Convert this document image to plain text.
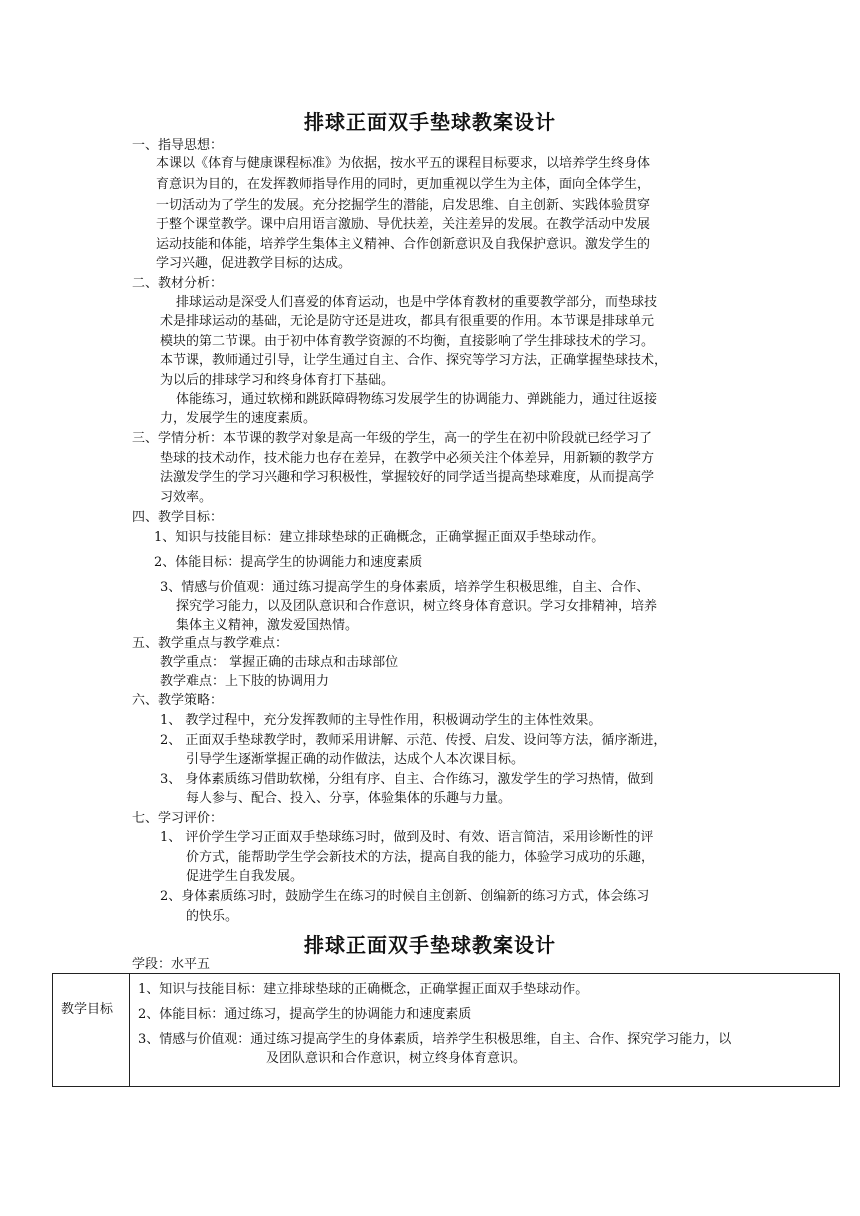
排球正面双手垫球教案设计
一、指导思想：
本课以《体育与健康课程标准》为依据，按水平五的课程目标要求，以培养学生终身体
育意识为目的，在发挥教师指导作用的同时，更加重视以学生为主体，面向全体学生，
一切活动为了学生的发展。充分挖掘学生的潜能，启发思维、自主创新、实践体验贯穿
于整个课堂教学。课中启用语言激励、导优扶差，关注差异的发展。在教学活动中发展
运动技能和体能，培养学生集体主义精神、合作创新意识及自我保护意识。激发学生的
学习兴趣，促进教学目标的达成。
二、教材分析：
排球运动是深受人们喜爱的体育运动，也是中学体育教材的重要教学部分，而垫球技
术是排球运动的基础，无论是防守还是进攻，都具有很重要的作用。本节课是排球单元
模块的第二节课。由于初中体育教学资源的不均衡，直接影响了学生排球技术的学习。
本节课，教师通过引导，让学生通过自主、合作、探究等学习方法，正确掌握垫球技术，
为以后的排球学习和终身体育打下基础。
体能练习，通过软梯和跳跃障碍物练习发展学生的协调能力、弹跳能力，通过往返接
力，发展学生的速度素质。
三、学情分析：本节课的教学对象是高一年级的学生，高一的学生在初中阶段就已经学习了
垫球的技术动作，技术能力也存在差异，在教学中必须关注个体差异，用新颖的教学方
法激发学生的学习兴趣和学习积极性，掌握较好的同学适当提高垫球难度，从而提高学
习效率。
四、教学目标：
1、知识与技能目标：建立排球垫球的正确概念，正确掌握正面双手垫球动作。
2、体能目标：提高学生的协调能力和速度素质
3、情感与价值观：通过练习提高学生的身体素质，培养学生积极思维，自主、合作、
探究学习能力，以及团队意识和合作意识，树立终身体育意识。学习女排精神，培养
集体主义精神，激发爱国热情。
五、教学重点与教学难点：
教学重点： 掌握正确的击球点和击球部位
教学难点：上下肢的协调用力
六、教学策略：
1、 教学过程中，充分发挥教师的主导性作用，积极调动学生的主体性效果。
2、 正面双手垫球教学时，教师采用讲解、示范、传授、启发、设问等方法，循序渐进，
引导学生逐渐掌握正确的动作做法，达成个人本次课目标。
3、 身体素质练习借助软梯，分组有序、自主、合作练习，激发学生的学习热情，做到
每人参与、配合、投入、分享，体验集体的乐趣与力量。
七、学习评价：
1、 评价学生学习正面双手垫球练习时，做到及时、有效、语言简洁，采用诊断性的评
价方式，能帮助学生学会新技术的方法，提高自我的能力，体验学习成功的乐趣，
促进学生自我发展。
2、身体素质练习时，鼓励学生在练习的时候自主创新、创编新的练习方式，体会练习
的快乐。
排球正面双手垫球教案设计
学段：水平五
教学目标
1、知识与技能目标：建立排球垫球的正确概念，正确掌握正面双手垫球动作。
2、体能目标：通过练习，提高学生的协调能力和速度素质
3、情感与价值观：通过练习提高学生的身体素质，培养学生积极思维，自主、合作、探究学习能力，以
及团队意识和合作意识，树立终身体育意识。
